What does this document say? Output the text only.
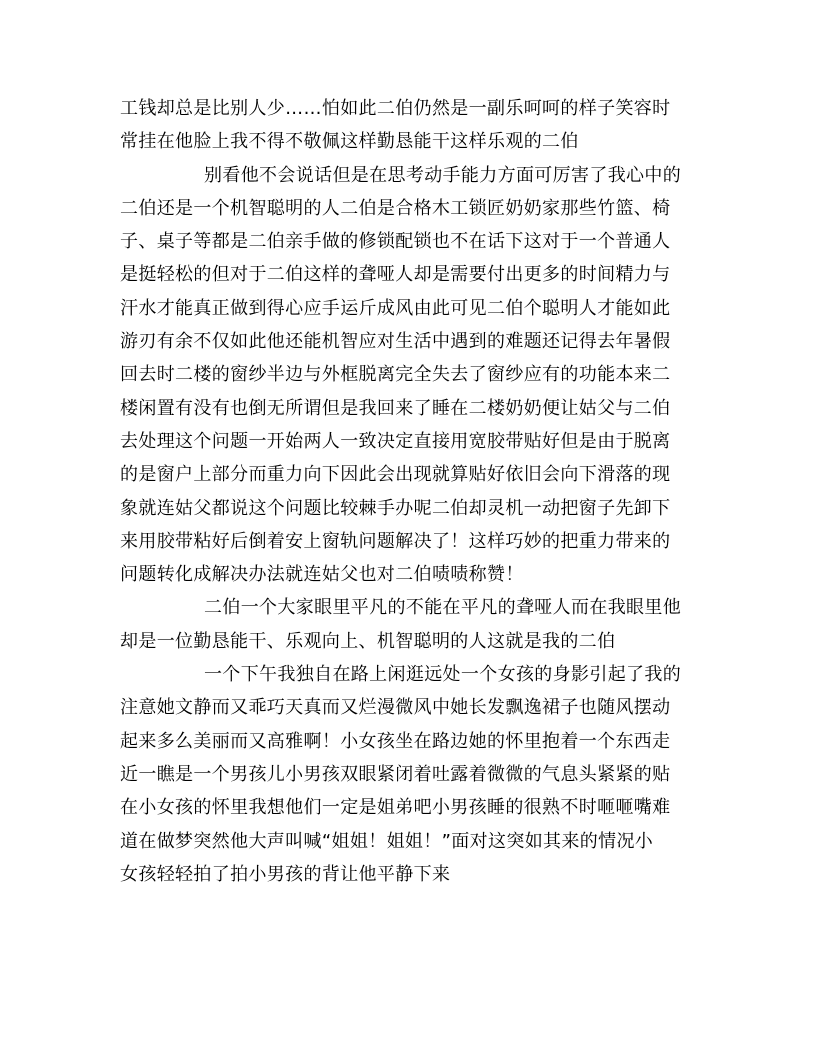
工钱却总是比别人少……怕如此二伯仍然是一副乐呵呵的样子笑容时
常挂在他脸上我不得不敬佩这样勤恳能干这样乐观的二伯
别看他不会说话但是在思考动手能力方面可厉害了我心中的
二伯还是一个机智聪明的人二伯是合格木工锁匠奶奶家那些竹篮、椅
子、桌子等都是二伯亲手做的修锁配锁也不在话下这对于一个普通人
是挺轻松的但对于二伯这样的聋哑人却是需要付出更多的时间精力与
汗水才能真正做到得心应手运斤成风由此可见二伯个聪明人才能如此
游刃有余不仅如此他还能机智应对生活中遇到的难题还记得去年暑假
回去时二楼的窗纱半边与外框脱离完全失去了窗纱应有的功能本来二
楼闲置有没有也倒无所谓但是我回来了睡在二楼奶奶便让姑父与二伯
去处理这个问题一开始两人一致决定直接用宽胶带贴好但是由于脱离
的是窗户上部分而重力向下因此会出现就算贴好依旧会向下滑落的现
象就连姑父都说这个问题比较棘手办呢二伯却灵机一动把窗子先卸下
来用胶带粘好后倒着安上窗轨问题解决了！这样巧妙的把重力带来的
问题转化成解决办法就连姑父也对二伯啧啧称赞！
二伯一个大家眼里平凡的不能在平凡的聋哑人而在我眼里他
却是一位勤恳能干、乐观向上、机智聪明的人这就是我的二伯
一个下午我独自在路上闲逛远处一个女孩的身影引起了我的
注意她文静而又乖巧天真而又烂漫微风中她长发飘逸裙子也随风摆动
起来多么美丽而又高雅啊！小女孩坐在路边她的怀里抱着一个东西走
近一瞧是一个男孩儿小男孩双眼紧闭着吐露着微微的气息头紧紧的贴
在小女孩的怀里我想他们一定是姐弟吧小男孩睡的很熟不时咂咂嘴难
道在做梦突然他大声叫喊“姐姐！姐姐！”面对这突如其来的情况小
女孩轻轻拍了拍小男孩的背让他平静下来
